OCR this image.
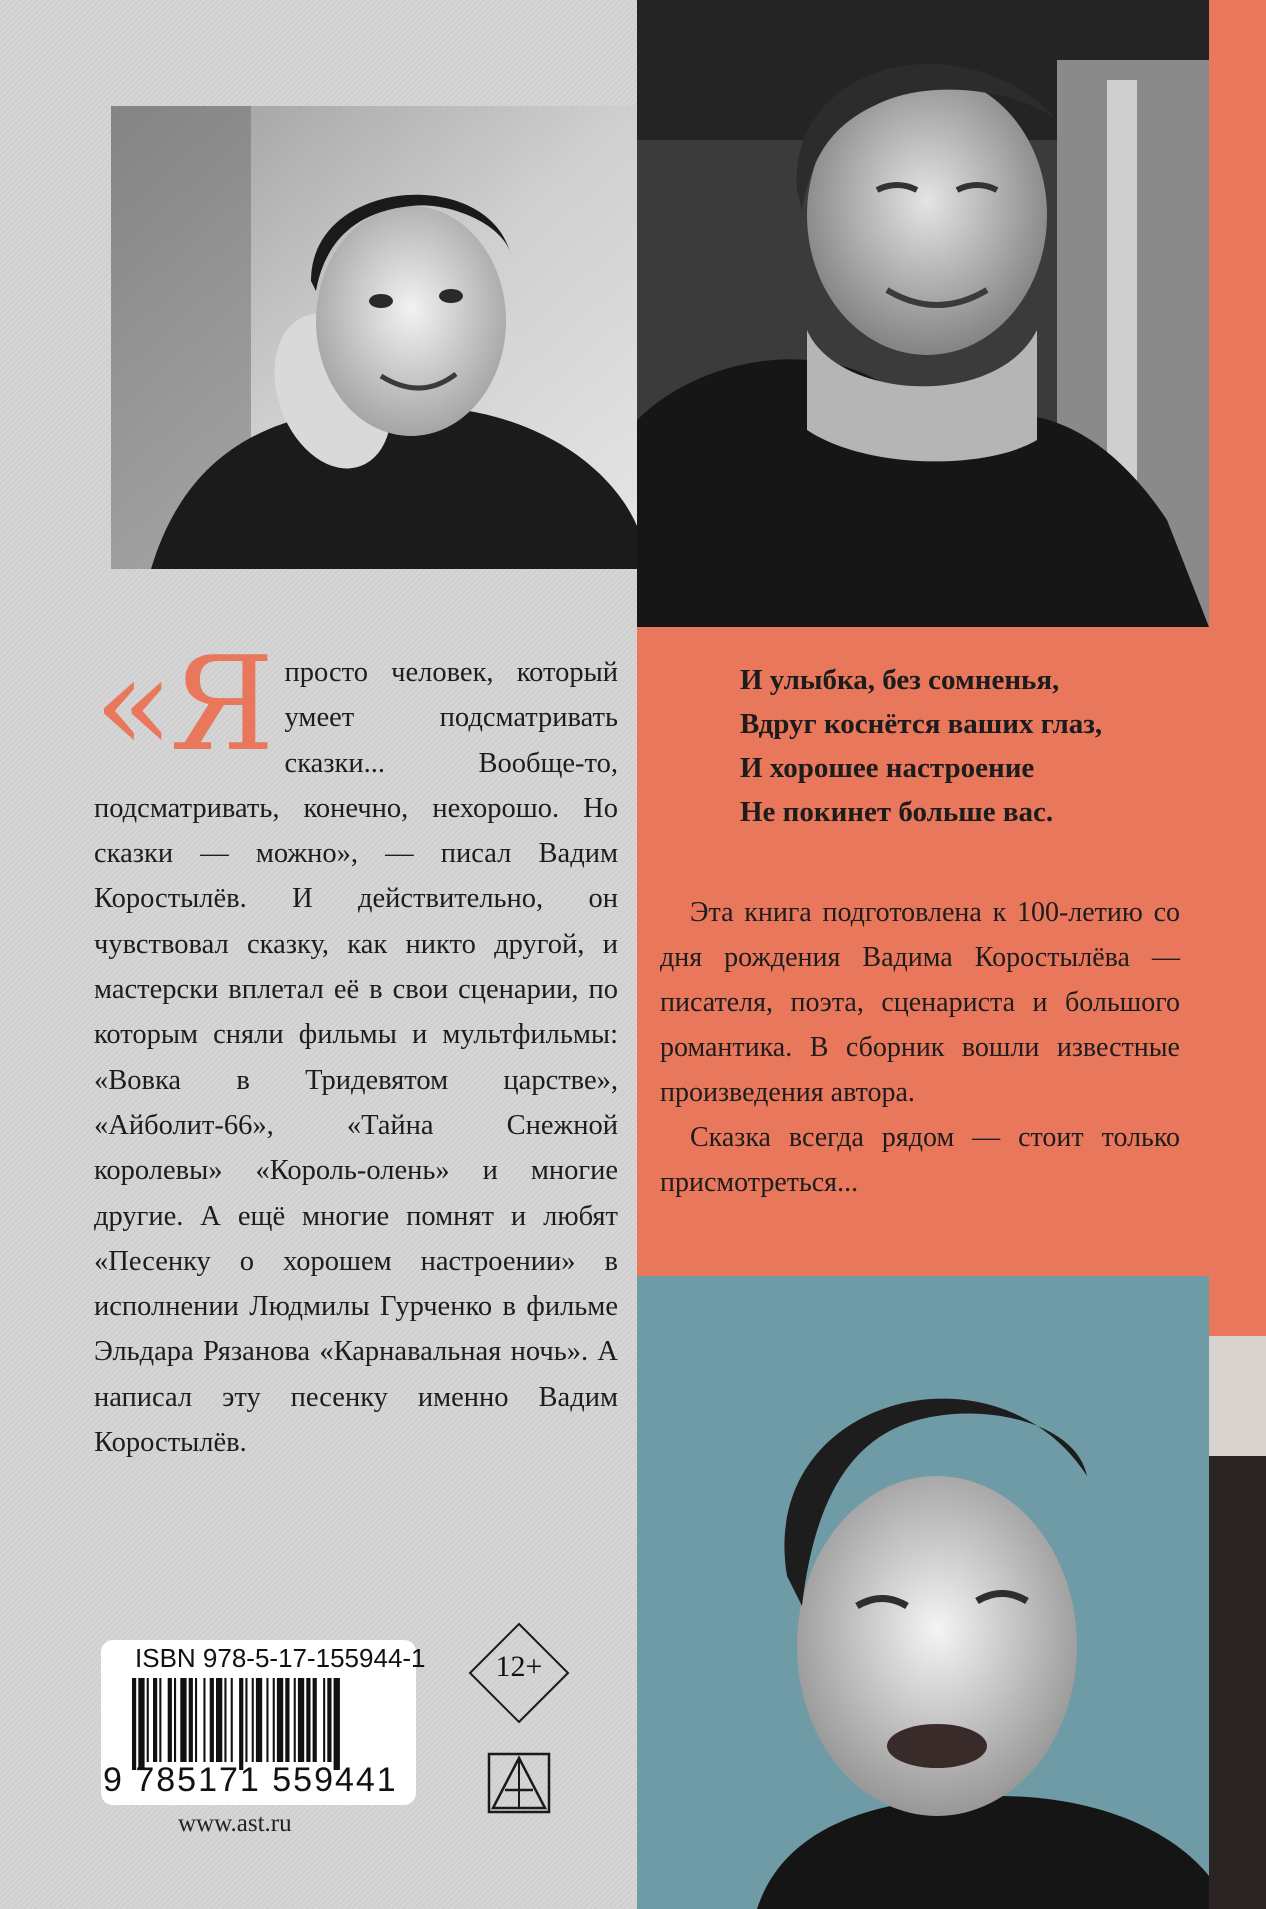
И улыбка, без сомненья,
Вдруг коснётся ваших глаз,
И хорошее настроение
Не покинет больше вас.

Эта книга подготовлена к 100-летию со дня рождения Вадима Коростылёва — писателя, поэта, сценариста и большого романтика. В сборник вошли известные произведения автора.

Сказка всегда рядом — стоит только присмотреться...

«Я просто человек, который умеет подсматривать сказки... Вообще-то, подсматривать, конечно, нехорошо. Но сказки — можно», — писал Вадим Коростылёв. И действительно, он чувствовал сказку, как никто другой, и мастерски вплетал её в свои сценарии, по которым сняли фильмы и мультфильмы: «Вовка в Тридевятом царстве», «Айболит-66», «Тайна Снежной королевы» «Король-олень» и многие другие. А ещё многие помнят и любят «Песенку о хорошем настроении» в исполнении Людмилы Гурченко в фильме Эльдара Рязанова «Карнавальная ночь». А написал эту песенку именно Вадим Коростылёв.

ISBN 978-5-17-155944-1
9 785171 559441
www.ast.ru
12+
